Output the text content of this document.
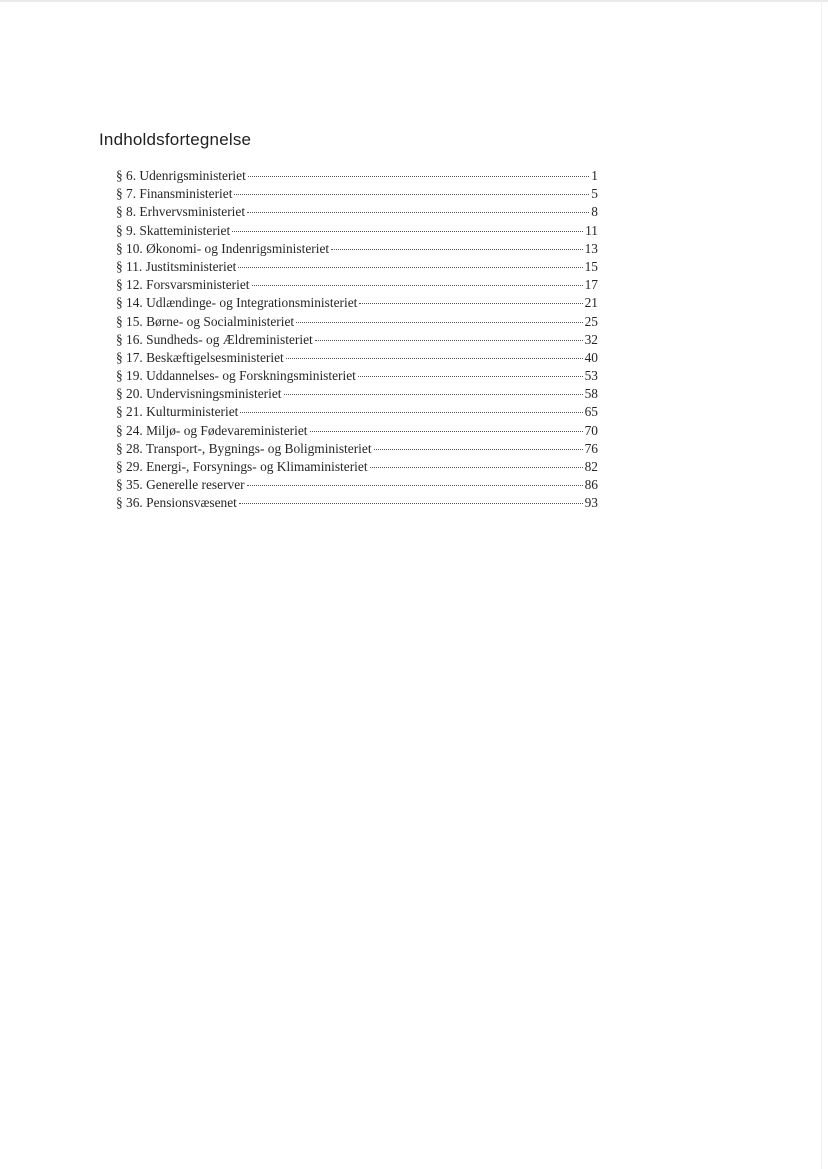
Indholdsfortegnelse
§ 6. Udenrigsministeriet	1
§ 7. Finansministeriet	5
§ 8. Erhvervsministeriet	8
§ 9. Skatteministeriet	11
§ 10. Økonomi- og Indenrigsministeriet	13
§ 11. Justitsministeriet	15
§ 12. Forsvarsministeriet	17
§ 14. Udlændinge- og Integrationsministeriet	21
§ 15. Børne- og Socialministeriet	25
§ 16. Sundheds- og Ældreministeriet	32
§ 17. Beskæftigelsesministeriet	40
§ 19. Uddannelses- og Forskningsministeriet	53
§ 20. Undervisningsministeriet	58
§ 21. Kulturministeriet	65
§ 24. Miljø- og Fødevareministeriet	70
§ 28. Transport-, Bygnings- og Boligministeriet	76
§ 29. Energi-, Forsynings- og Klimaministeriet	82
§ 35. Generelle reserver	86
§ 36. Pensionsvæsenet	93
